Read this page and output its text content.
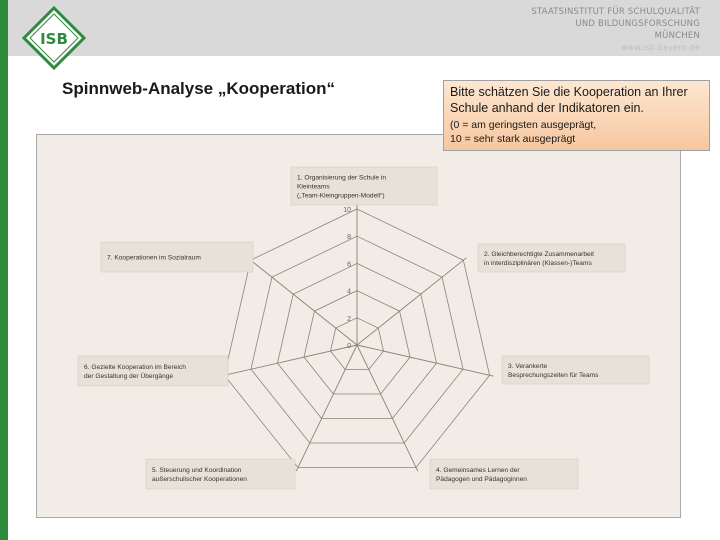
ISB
STAATSINSTITUT FÜR SCHULQUALITÄT
UND BILDUNGSFORSCHUNG
MÜNCHEN
www.isb.bayern.de
Spinnweb-Analyse „Kooperation“	Bitte schätzen Sie die Kooperation an Ihrer Schule anhand der Indikatoren ein.
(0 = am geringsten ausgeprägt,
10 = sehr stark ausgeprägt
0
2
4
6
8
10
1. Organisierung der Schule in
Kleinteams
(„Team-Kleingruppen-Modell“)
2. Gleichberechtigte Zusammenarbeit
in interdisziplinären (Klassen-)Teams
3. Verankerte
Besprechungszeiten für Teams
4. Gemeinsames Lernen der
Pädagogen und Pädagoginnen
5. Steuerung und Koordination
außerschulischer Kooperationen
6. Gezielte Kooperation im Bereich
der Gestaltung der Übergänge
7. Kooperationen im Sozialraum
